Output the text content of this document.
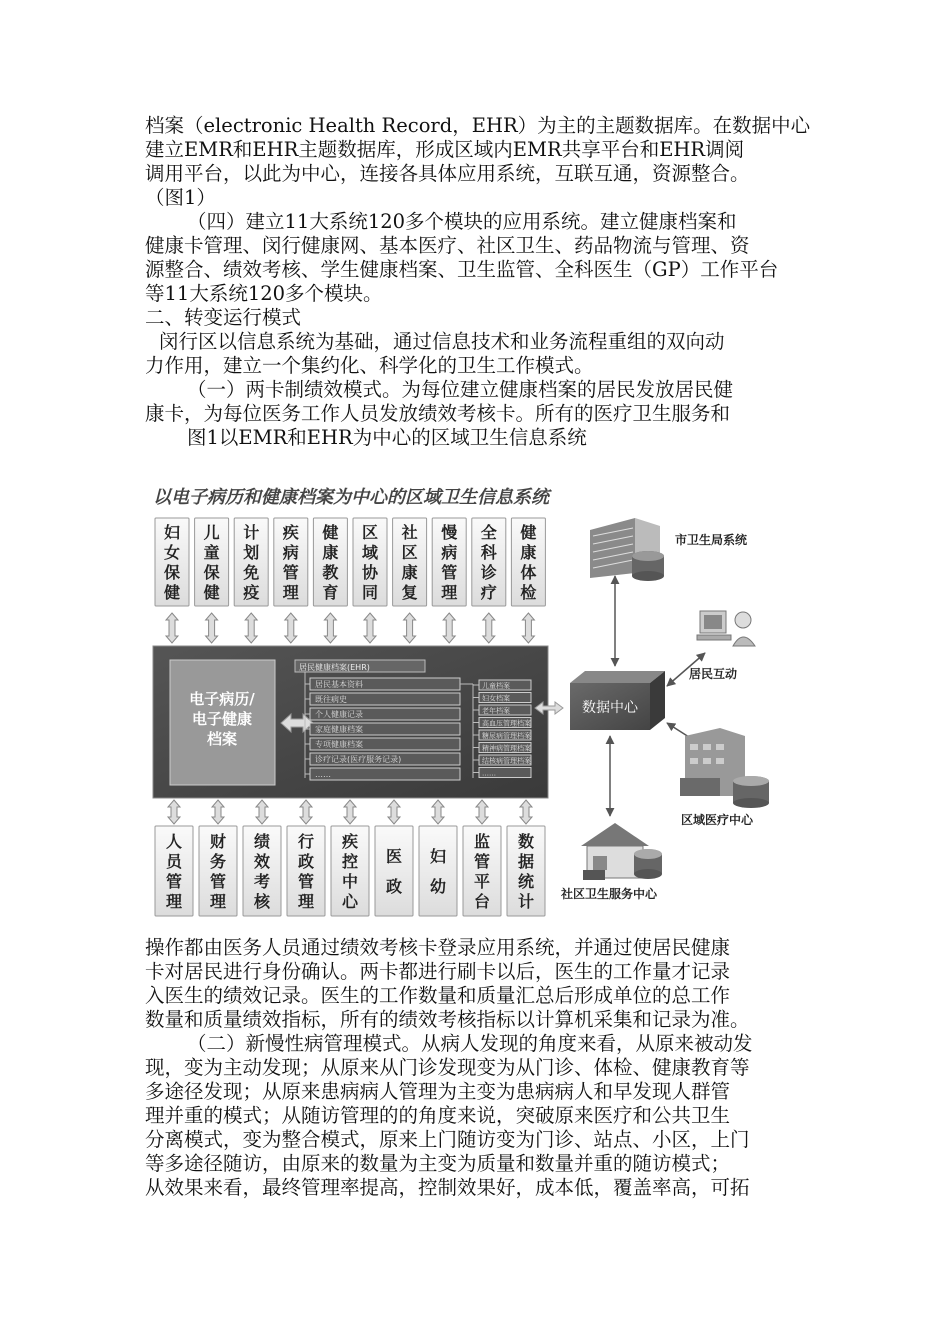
档案（electronic Health Record，EHR）为主的主题数据库。在数据中心
建立EMR和EHR主题数据库，形成区域内EMR共享平台和EHR调阅
调用平台，以此为中心，连接各具体应用系统，互联互通，资源整合。
（图1）
（四）建立11大系统120多个模块的应用系统。建立健康档案和
健康卡管理、闵行健康网、基本医疗、社区卫生、药品物流与管理、资
源整合、绩效考核、学生健康档案、卫生监管、全科医生（GP）工作平台
等11大系统120多个模块。
二、转变运行模式
闵行区以信息系统为基础，通过信息技术和业务流程重组的双向动
力作用，建立一个集约化、科学化的卫生工作模式。
（一）两卡制绩效模式。为每位建立健康档案的居民发放居民健
康卡，为每位医务工作人员发放绩效考核卡。所有的医疗卫生服务和
图1以EMR和EHR为中心的区域卫生信息系统
以电子病历和健康档案为中心的区域卫生信息系统
妇
女
保
健
儿
童
保
健
计
划
免
疫
疾
病
管
理
健
康
教
育
区
域
协
同
社
区
康
复
慢
病
管
理
全
科
诊
疗
健
康
体
检
电子病历/
电子健康
档案
居民健康档案(EHR)
居民基本资料
既往病史
个人健康记录
家庭健康档案
专项健康档案
诊疗记录(医疗服务记录)
……
儿童档案
妇女档案
老年档案
高血压管理档案
糖尿病管理档案
精神病管理档案
结核病管理档案
……
数据中心
市卫生局系统
居民互动
区域医疗中心
社区卫生服务中心
人
员
管
理
财
务
管
理
绩
效
考
核
行
政
管
理
疾
控
中
心
医
政
妇
幼
监
管
平
台
数
据
统
计
操作都由医务人员通过绩效考核卡登录应用系统，并通过使居民健康
卡对居民进行身份确认。两卡都进行刷卡以后，医生的工作量才记录
入医生的绩效记录。医生的工作数量和质量汇总后形成单位的总工作
数量和质量绩效指标，所有的绩效考核指标以计算机采集和记录为准。
（二）新慢性病管理模式。从病人发现的角度来看，从原来被动发
现，变为主动发现；从原来从门诊发现变为从门诊、体检、健康教育等
多途径发现；从原来患病病人管理为主变为患病病人和早发现人群管
理并重的模式；从随访管理的的角度来说，突破原来医疗和公共卫生
分离模式，变为整合模式，原来上门随访变为门诊、站点、小区，上门
等多途径随访，由原来的数量为主变为质量和数量并重的随访模式；
从效果来看，最终管理率提高，控制效果好，成本低，覆盖率高，可拓
